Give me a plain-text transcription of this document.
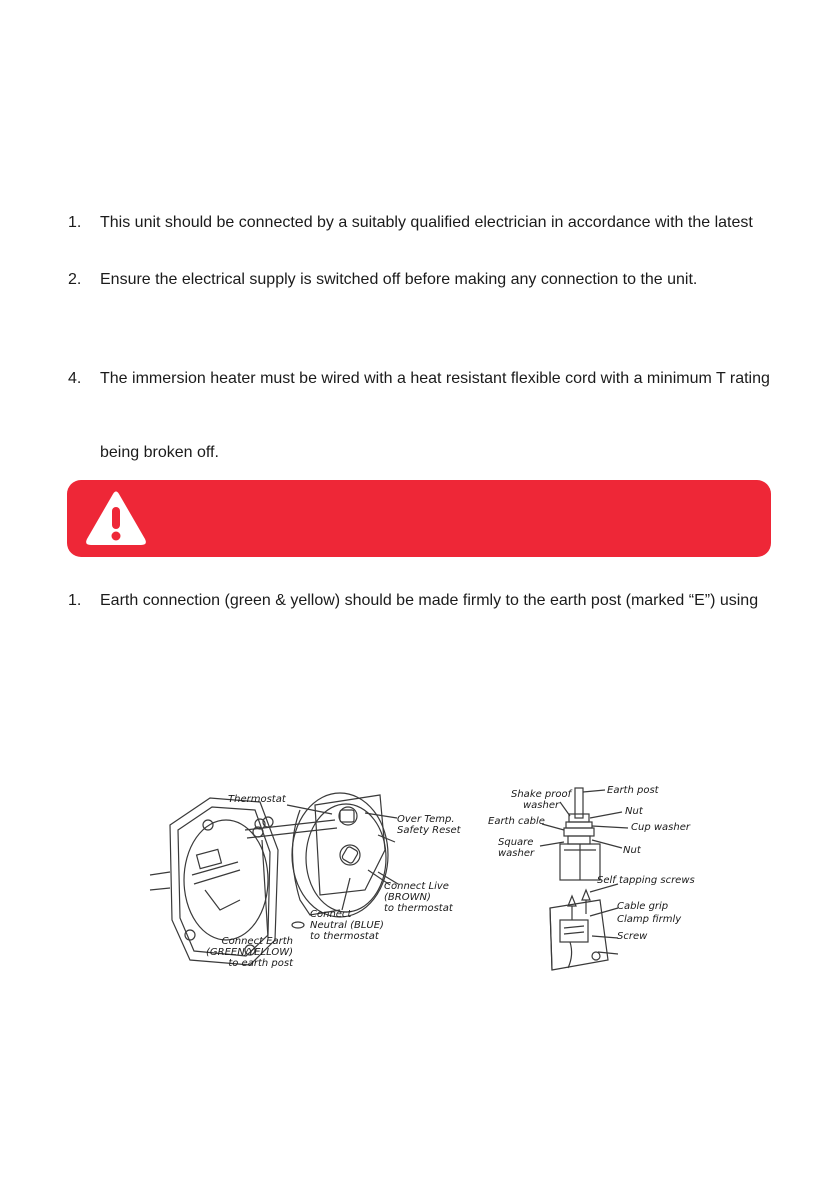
1. This unit should be connected by a suitably qualified electrician in accordance with the latest
2. Ensure the electrical supply is switched off before making any connection to the unit.
4. The immersion heater must be wired with a heat resistant flexible cord with a minimum T rating
being broken off.
1. Earth connection (green & yellow) should be made firmly to the earth post (marked “E”) using
Thermostat
Over Temp.
Safety Reset
Connect Live
(BROWN)
to thermostat
Connect
Neutral (BLUE)
to thermostat
Connect Earth
(GREEN/YELLOW)
to earth post
Shake proof
washer
Earth post
Nut
Earth cable
Cup washer
Square
washer	Nut
Self tapping screws
Cable grip
Clamp firmly
Screw
